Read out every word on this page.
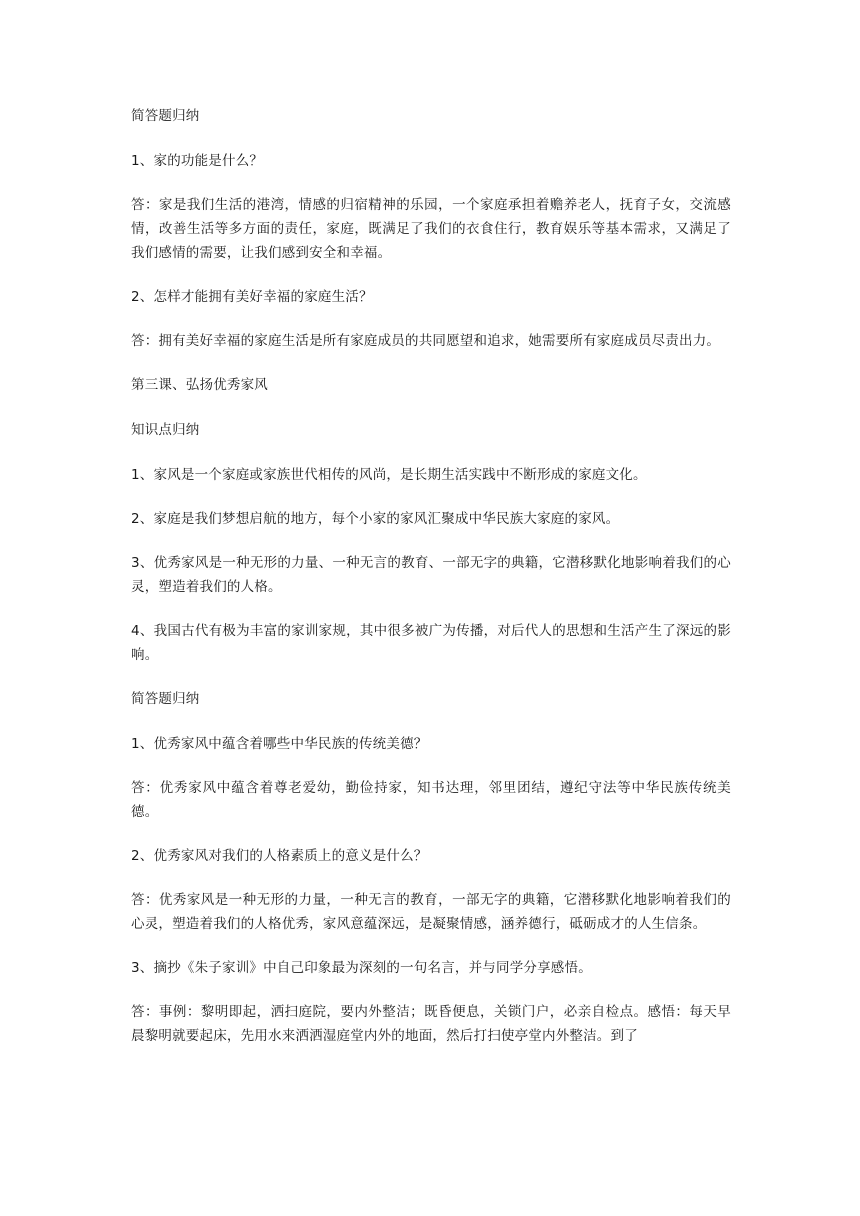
简答题归纳

1、家的功能是什么？

答：家是我们生活的港湾，情感的归宿精神的乐园，一个家庭承担着赡养老人，抚育子女，交流感情，改善生活等多方面的责任，家庭，既满足了我们的衣食住行，教育娱乐等基本需求，又满足了我们感情的需要，让我们感到安全和幸福。

2、怎样才能拥有美好幸福的家庭生活？

答：拥有美好幸福的家庭生活是所有家庭成员的共同愿望和追求，她需要所有家庭成员尽责出力。

第三课、弘扬优秀家风

知识点归纳

1、家风是一个家庭或家族世代相传的风尚，是长期生活实践中不断形成的家庭文化。

2、家庭是我们梦想启航的地方，每个小家的家风汇聚成中华民族大家庭的家风。

3、优秀家风是一种无形的力量、一种无言的教育、一部无字的典籍，它潜移默化地影响着我们的心灵，塑造着我们的人格。

4、我国古代有极为丰富的家训家规，其中很多被广为传播，对后代人的思想和生活产生了深远的影响。

简答题归纳

1、优秀家风中蕴含着哪些中华民族的传统美德？

答：优秀家风中蕴含着尊老爱幼，勤俭持家，知书达理，邻里团结，遵纪守法等中华民族传统美德。

2、优秀家风对我们的人格素质上的意义是什么？

答：优秀家风是一种无形的力量，一种无言的教育，一部无字的典籍，它潜移默化地影响着我们的心灵，塑造着我们的人格优秀，家风意蕴深远，是凝聚情感，涵养德行，砥砺成才的人生信条。

3、摘抄《朱子家训》中自己印象最为深刻的一句名言，并与同学分享感悟。

答：事例：黎明即起，洒扫庭院，要内外整洁；既昏便息，关锁门户，必亲自检点。感悟：每天早晨黎明就要起床，先用水来洒洒湿庭堂内外的地面，然后打扫使亭堂内外整洁。到了
